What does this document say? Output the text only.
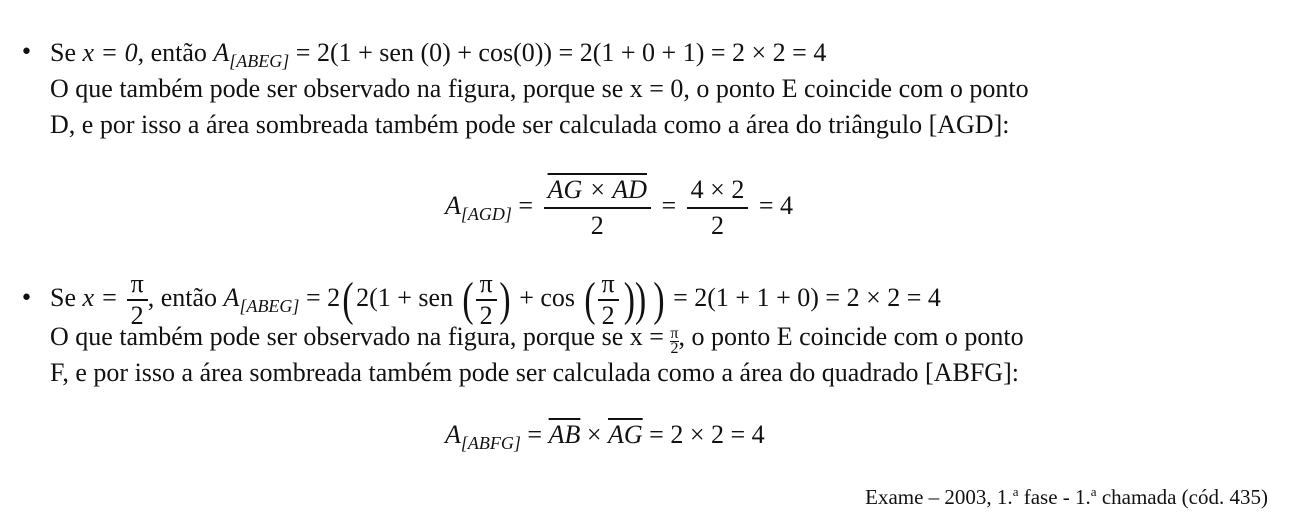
• Se x = 0, então $A_{[ABEG]} = 2(1$ + sen (0) + cos(0)) = 2(1 + 0 + 1) = 2 × 2 = 4
O que também pode ser observado na figura, porque se x = 0, o ponto E coincide com o ponto
D, e por isso a área sombreada também pode ser calculada como a área do triângulo [AGD]:
$A_{[AGD]} = \frac{AG \times AD}{2} = \frac{4 \times 2}{2} = 4$
• Se $x = \frac{\pi}{2}$ , então $A_{[ABEG]} = 2(2(1$ + sen ( $\frac{\pi}{2}$ ) + cos ( $\frac{\pi}{2}$ )) ) = 2(1 + 1 + 0) = 2 × 2 = 4
O que também pode ser observado na figura, porque se $x = \frac{\pi}{2}$ , o ponto E coincide com o ponto
F, e por isso a área sombreada também pode ser calculada como a área do quadrado [ABFG]:
$A_{[ABFG]} = \overline{AB} \times \overline{AG} = 2 \times 2 = 4$
Exame – 2003, 1.$^a$ fase - 1.$^a$ chamada (cód. 435)
